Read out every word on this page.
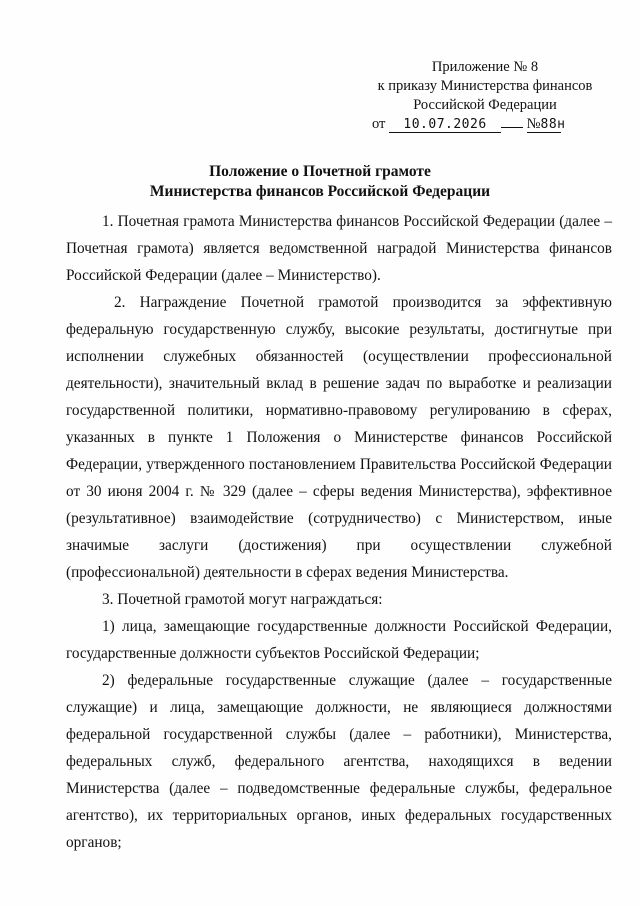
Приложение № 8
к приказу Министерства финансов
Российской Федерации
от 10.07.2026	№88н
Положение о Почетной грамоте
Министерства финансов Российской Федерации

1. Почетная грамота Министерства финансов Российской Федерации (далее – Почетная грамота) является ведомственной наградой Министерства финансов Российской Федерации (далее – Министерство).

2. Награждение Почетной грамотой производится за эффективную федеральную государственную службу, высокие результаты, достигнутые при исполнении служебных обязанностей (осуществлении профессиональной деятельности), значительный вклад в решение задач по выработке и реализации государственной политики, нормативно-правовому регулированию в сферах, указанных в пункте 1 Положения о Министерстве финансов Российской Федерации, утвержденного постановлением Правительства Российской Федерации от 30 июня 2004 г. № 329 (далее – сферы ведения Министерства), эффективное (результативное) взаимодействие (сотрудничество) с Министерством, иные значимые заслуги (достижения) при осуществлении служебной (профессиональной) деятельности в сферах ведения Министерства.

3. Почетной грамотой могут награждаться:

1) лица, замещающие государственные должности Российской Федерации, государственные должности субъектов Российской Федерации;

2) федеральные государственные служащие (далее – государственные служащие) и лица, замещающие должности, не являющиеся должностями федеральной государственной службы (далее – работники), Министерства, федеральных служб, федерального агентства, находящихся в ведении Министерства (далее – подведомственные федеральные службы, федеральное агентство), их территориальных органов, иных федеральных государственных органов;
